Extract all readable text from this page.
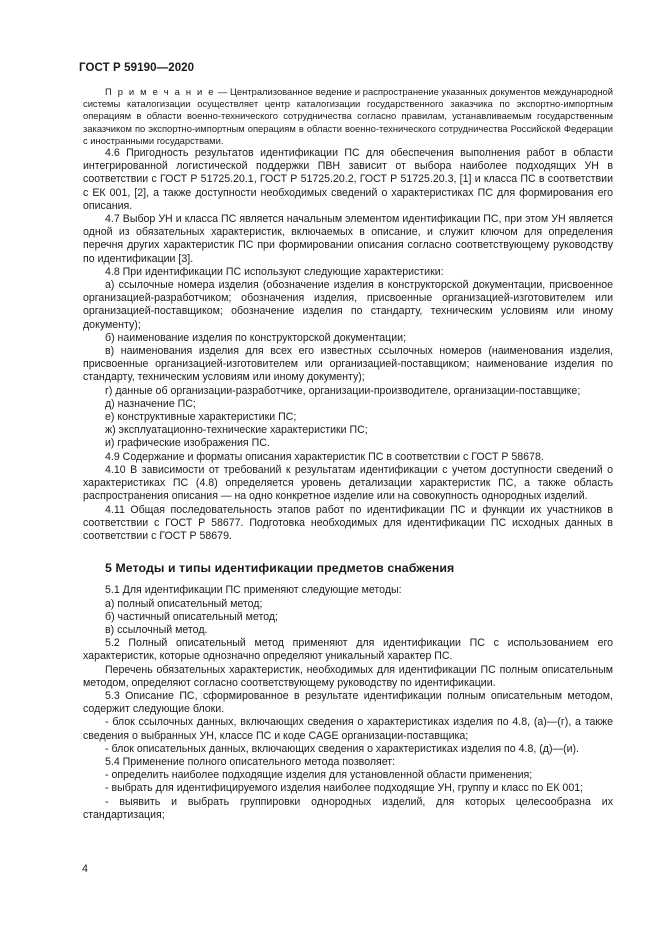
ГОСТ Р 59190—2020

П р и м е ч а н и е — Централизованное ведение и распространение указанных документов международной системы каталогизации осуществляет центр каталогизации государственного заказчика по экспортно-импортным операциям в области военно-технического сотрудничества согласно правилам, устанавливаемым государственным заказчиком по экспортно-импортным операциям в области военно-технического сотрудничества Российской Федерации с иностранными государствами.

4.6 Пригодность результатов идентификации ПС для обеспечения выполнения работ в области интегрированной логистической поддержки ПВН зависит от выбора наиболее подходящих УН в соответствии с ГОСТ Р 51725.20.1, ГОСТ Р 51725.20.2, ГОСТ Р 51725.20.3, [1] и класса ПС в соответствии с ЕК 001, [2], а также доступности необходимых сведений о характеристиках ПС для формирования его описания.

4.7 Выбор УН и класса ПС является начальным элементом идентификации ПС, при этом УН является одной из обязательных характеристик, включаемых в описание, и служит ключом для определения перечня других характеристик ПС при формировании описания согласно соответствующему руководству по идентификации [3].

4.8 При идентификации ПС используют следующие характеристики:

а) ссылочные номера изделия (обозначение изделия в конструкторской документации, присвоенное организацией-разработчиком; обозначения изделия, присвоенные организацией-изготовителем или организацией-поставщиком; обозначение изделия по стандарту, техническим условиям или иному документу);

б) наименование изделия по конструкторской документации;

в) наименования изделия для всех его известных ссылочных номеров (наименования изделия, присвоенные организацией-изготовителем или организацией-поставщиком; наименование изделия по стандарту, техническим условиям или иному документу);

г) данные об организации-разработчике, организации-производителе, организации-поставщике;

д) назначение ПС;

е) конструктивные характеристики ПС;

ж) эксплуатационно-технические характеристики ПС;

и) графические изображения ПС.

4.9 Содержание и форматы описания характеристик ПС в соответствии с ГОСТ Р 58678.

4.10 В зависимости от требований к результатам идентификации с учетом доступности сведений о характеристиках ПС (4.8) определяется уровень детализации характеристик ПС, а также область распространения описания — на одно конкретное изделие или на совокупность однородных изделий.

4.11 Общая последовательность этапов работ по идентификации ПС и функции их участников в соответствии с ГОСТ Р 58677. Подготовка необходимых для идентификации ПС исходных данных в соответствии с ГОСТ Р 58679.

5 Методы и типы идентификации предметов снабжения

5.1 Для идентификации ПС применяют следующие методы:

а) полный описательный метод;

б) частичный описательный метод;

в) ссылочный метод.

5.2 Полный описательный метод применяют для идентификации ПС с использованием его характеристик, которые однозначно определяют уникальный характер ПС.

Перечень обязательных характеристик, необходимых для идентификации ПС полным описательным методом, определяют согласно соответствующему руководству по идентификации.

5.3 Описание ПС, сформированное в результате идентификации полным описательным методом, содержит следующие блоки.

- блок ссылочных данных, включающих сведения о характеристиках изделия по 4.8, (а)—(г), а также сведения о выбранных УН, классе ПС и коде CAGE организации-поставщика;

- блок описательных данных, включающих сведения о характеристиках изделия по 4.8, (д)—(и).

5.4 Применение полного описательного метода позволяет:

- определить наиболее подходящие изделия для установленной области применения;

- выбрать для идентифицируемого изделия наиболее подходящие УН, группу и класс по ЕК 001;

- выявить и выбрать группировки однородных изделий, для которых целесообразна их стандартизация;

4
